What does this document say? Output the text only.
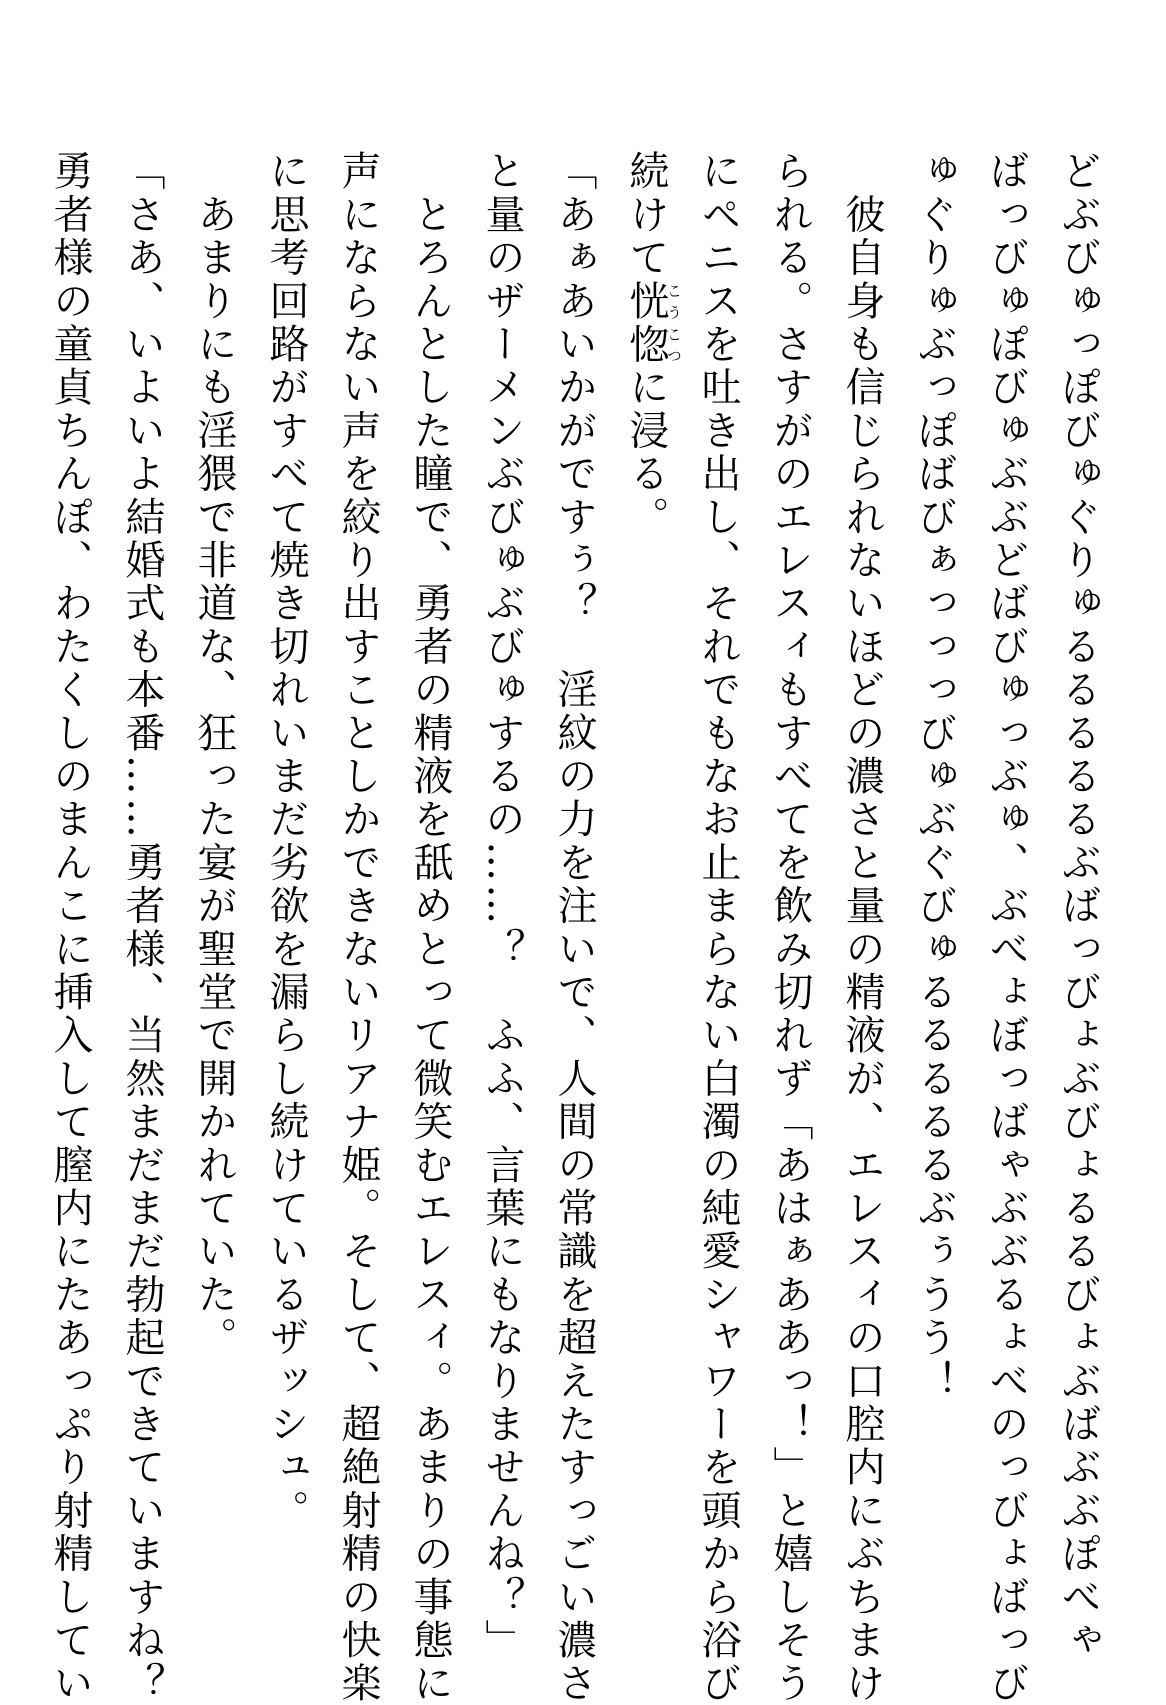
どぶびゅっぽびゅぐりゅるるるるるぶばっびょぶびょるるびょぶばぶぶぽべゃ
ばっびゅぽびゅぶぶどばびゅっぶゅ、ぶべょぼっばゃぶぶるょべのっびょばっび
ゅぐりゅぶっぽばびぁっっっびゅぶぐびゅるるるるるぶぅうう！
　彼自身も信じられないほどの濃さと量の精液が、エレスィの口腔内にぶちまけ
られる。さすがのエレスィもすべてを飲み切れず「あはぁああっ！」と嬉しそう
にペニスを吐き出し、それでもなお止まらない白濁の純愛シャワーを頭から浴び
続けて恍惚こうこつに浸る。
「あぁあいかがですぅ？　淫紋の力を注いで、人間の常識を超えたすっごい濃さ
と量のザーメンぶびゅぶびゅするの……？　ふふ、言葉にもなりませんね？」
　とろんとした瞳で、勇者の精液を舐めとって微笑むエレスィ。あまりの事態に
声にならない声を絞り出すことしかできないリアナ姫。そして、超絶射精の快楽
に思考回路がすべて焼き切れいまだ劣欲を漏らし続けているザッシュ。
　あまりにも淫猥で非道な、狂った宴が聖堂で開かれていた。
「さあ、いよいよ結婚式も本番……勇者様、当然まだまだ勃起できていますね？
勇者様の童貞ちんぽ、わたくしのまんこに挿入して膣内にたあっぷり射精してい
